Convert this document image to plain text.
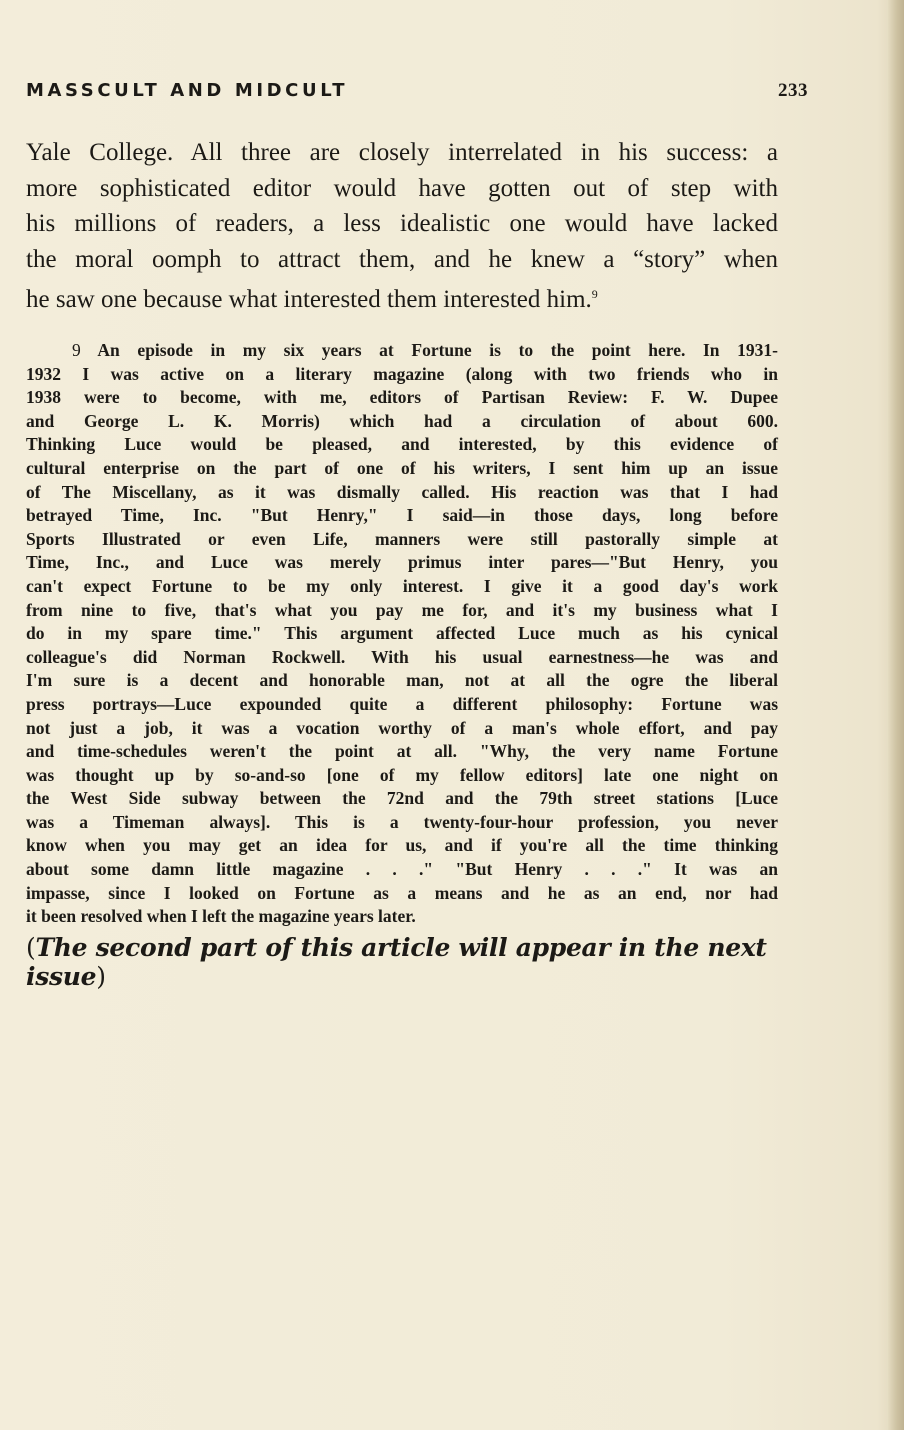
MASSCULT AND MIDCULT	233
Yale College. All three are closely interrelated in his success: a
more sophisticated editor would have gotten out of step with
his millions of readers, a less idealistic one would have lacked
the moral oomph to attract them, and he knew a “story” when
he saw one because what interested them interested him.$^9$
9 An episode in my six years at Fortune is to the point here. In 1931-
1932 I was active on a literary magazine (along with two friends who in
1938 were to become, with me, editors of Partisan Review: F. W. Dupee
and George L. K. Morris) which had a circulation of about 600.
Thinking Luce would be pleased, and interested, by this evidence of
cultural enterprise on the part of one of his writers, I sent him up an issue
of The Miscellany, as it was dismally called. His reaction was that I had
betrayed Time, Inc. "But Henry," I said—in those days, long before
Sports Illustrated or even Life, manners were still pastorally simple at
Time, Inc., and Luce was merely primus inter pares—"But Henry, you
can't expect Fortune to be my only interest. I give it a good day's work
from nine to five, that's what you pay me for, and it's my business what I
do in my spare time." This argument affected Luce much as his cynical
colleague's did Norman Rockwell. With his usual earnestness—he was and
I'm sure is a decent and honorable man, not at all the ogre the liberal
press portrays—Luce expounded quite a different philosophy: Fortune was
not just a job, it was a vocation worthy of a man's whole effort, and pay
and time-schedules weren't the point at all. "Why, the very name Fortune
was thought up by so-and-so [one of my fellow editors] late one night on
the West Side subway between the 72nd and the 79th street stations [Luce
was a Timeman always]. This is a twenty-four-hour profession, you never
know when you may get an idea for us, and if you're all the time thinking
about some damn little magazine . . ." "But Henry . . ." It was an
impasse, since I looked on Fortune as a means and he as an end, nor had
it been resolved when I left the magazine years later.
(The second part of this article will appear in the next issue)
